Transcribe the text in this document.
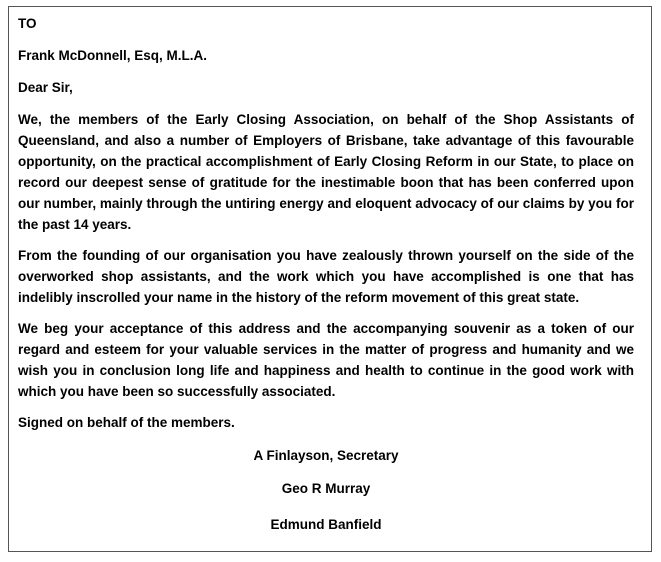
TO

Frank McDonnell, Esq, M.L.A.

Dear Sir,

We, the members of the Early Closing Association, on behalf of the Shop Assistants of Queensland, and also a number of Employers of Brisbane, take advantage of this favourable opportunity, on the practical accomplishment of Early Closing Reform in our State, to place on record our deepest sense of gratitude for the inestimable boon that has been conferred upon our number, mainly through the untiring energy and eloquent advocacy of our claims by you for the past 14 years.

From the founding of our organisation you have zealously thrown yourself on the side of the overworked shop assistants, and the work which you have accomplished is one that has indelibly inscrolled your name in the history of the reform movement of this great state.

We beg your acceptance of this address and the accompanying souvenir as a token of our regard and esteem for your valuable services in the matter of progress and humanity and we wish you in conclusion long life and happiness and health to continue in the good work with which you have been so successfully associated.

Signed on behalf of the members.

A Finlayson, Secretary

Geo R Murray

Edmund Banfield
